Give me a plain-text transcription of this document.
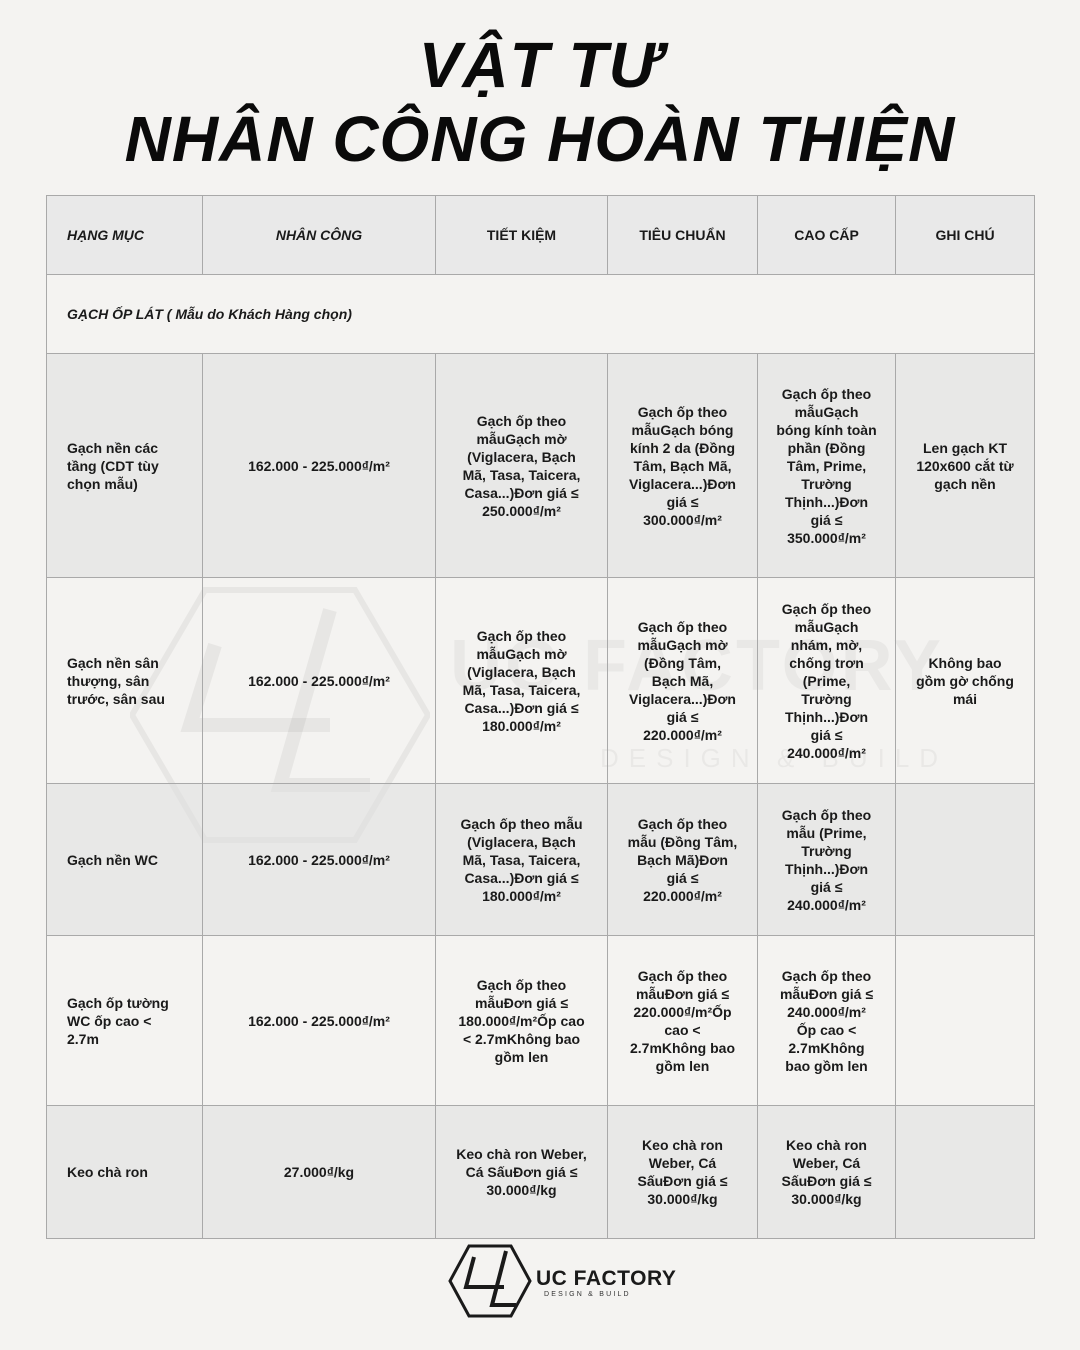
VẬT TƯ
NHÂN CÔNG HOÀN THIỆN
HẠNG MỤC	NHÂN CÔNG	TIẾT KIỆM	TIÊU CHUẨN	CAO CẤP	GHI CHÚ
GẠCH ỐP LÁT ( Mẫu do Khách Hàng chọn)					
Gạch nền các tầng (CDT tùy chọn mẫu)	162.000 - 225.000₫/m²	Gạch ốp theo mẫuGạch mờ (Viglacera, Bạch Mã, Tasa, Taicera, Casa...)Đơn giá ≤ 250.000₫/m²	Gạch ốp theo mẫuGạch bóng kính 2 da (Đồng Tâm, Bạch Mã, Viglacera...)Đơn giá ≤ 300.000₫/m²	Gạch ốp theo mẫuGạch bóng kính toàn phần (Đồng Tâm, Prime, Trường Thịnh...)Đơn giá ≤ 350.000₫/m²	Len gạch KT 120x600 cắt từ gạch nền
Gạch nền sân thượng, sân trước, sân sau	162.000 - 225.000₫/m²	Gạch ốp theo mẫuGạch mờ (Viglacera, Bạch Mã, Tasa, Taicera, Casa...)Đơn giá ≤ 180.000₫/m²	Gạch ốp theo mẫuGạch mờ (Đồng Tâm, Bạch Mã, Viglacera...)Đơn giá ≤ 220.000₫/m²	Gạch ốp theo mẫuGạch nhám, mờ, chống trơn (Prime, Trường Thịnh...)Đơn giá ≤ 240.000₫/m²	Không bao gồm gờ chống mái
Gạch nền WC	162.000 - 225.000₫/m²	Gạch ốp theo mẫu (Viglacera, Bạch Mã, Tasa, Taicera, Casa...)Đơn giá ≤ 180.000₫/m²	Gạch ốp theo mẫu (Đồng Tâm, Bạch Mã)Đơn giá ≤ 220.000₫/m²	Gạch ốp theo mẫu (Prime, Trường Thịnh...)Đơn giá ≤ 240.000₫/m²	
Gạch ốp tường WC ốp cao < 2.7m	162.000 - 225.000₫/m²	Gạch ốp theo mẫuĐơn giá ≤ 180.000₫/m²Ốp cao < 2.7mKhông bao gồm len	Gạch ốp theo mẫuĐơn giá ≤ 220.000₫/m²Ốp cao < 2.7mKhông bao gồm len	Gạch ốp theo mẫuĐơn giá ≤ 240.000₫/m² Ốp cao < 2.7mKhông bao gồm len	
Keo chà ron	27.000₫/kg	Keo chà ron Weber, Cá SấuĐơn giá ≤ 30.000₫/kg	Keo chà ron Weber, Cá SấuĐơn giá ≤ 30.000₫/kg	Keo chà ron Weber, Cá SấuĐơn giá ≤ 30.000₫/kg	
UC FACTORY
DESIGN & BUILD
